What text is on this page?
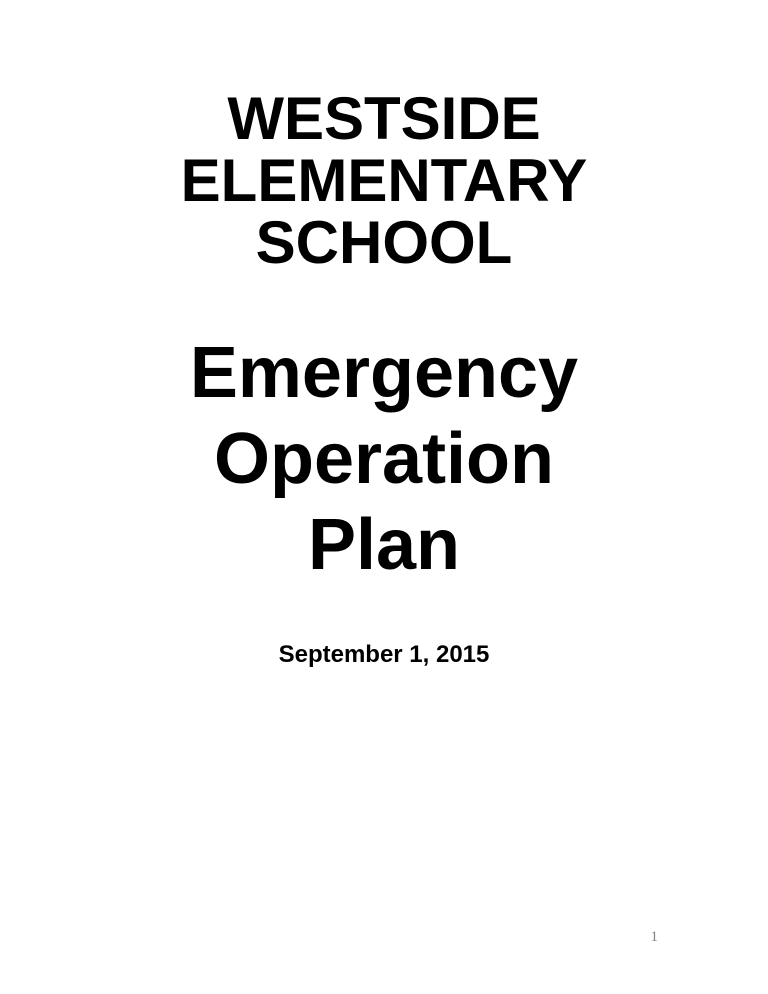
WESTSIDE
ELEMENTARY
SCHOOL
Emergency
Operation
Plan
September 1, 2015
1
